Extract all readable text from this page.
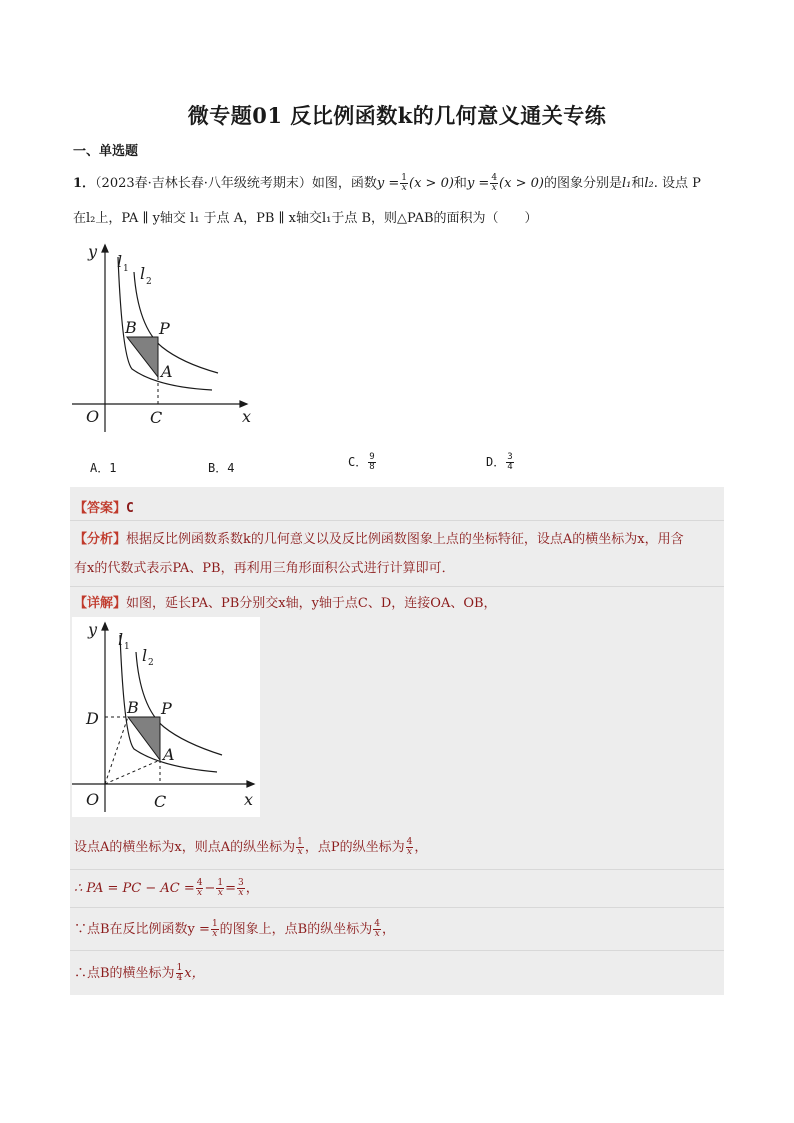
微专题01 反比例函数k的几何意义通关专练
一、单选题
1．（2023春·吉林长春·八年级统考期末）如图，函数$y = \frac{1}{x} (x > 0)$和$y = \frac{4}{x} (x > 0)$的图象分别是l₁和l₂. 设点 P
在l₂上，PA ∥ y轴交 l₁ 于点 A，PB ∥ x轴交l₁于点 B，则△PAB的面积为（　　）
y
x
O	C
B P
A
l
l
1
2
A．1	B．4	C． $\frac{9}{8}$	D． $\frac{3}{4}$
【答案】C
【分析】根据反比例函数系数k的几何意义以及反比例函数图象上点的坐标特征，设点A的横坐标为x，用含
有x的代数式表示PA、PB，再利用三角形面积公式进行计算即可．
【详解】如图，延长PA、PB分别交x轴，y轴于点C、D，连接OA、OB，
y
x
O	C
D
B P
A
l
l
1
2
设点A的横坐标为x，则点A的纵坐标为 $\frac{1}{x}$ ，点P的纵坐标为 $\frac{4}{x}$ ，
∴ PA = PC − AC = $\frac{4}{x} - \frac{1}{x} = \frac{3}{x}$ ，
∵点B在反比例函数$y = \frac{1}{x}$ 的图象上，点B的纵坐标为 $\frac{4}{x}$ ，
∴点B的横坐标为 $\frac{1}{4}$ x，
